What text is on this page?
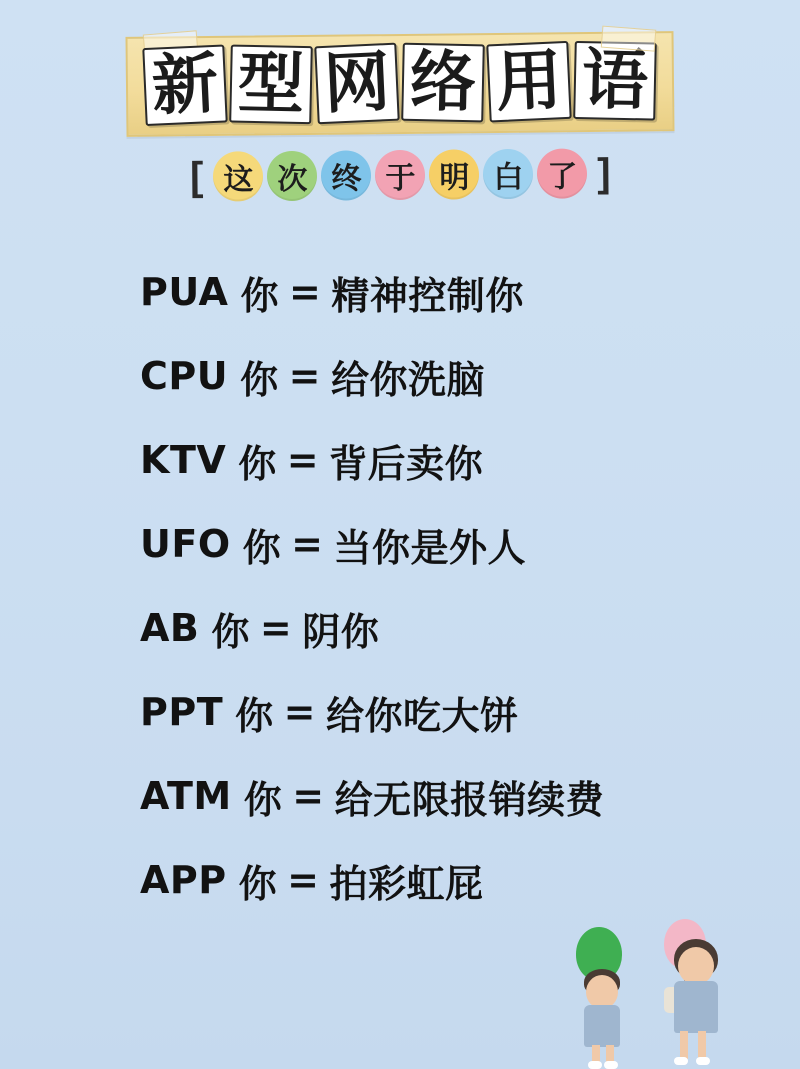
新 型 网 络 用 语
[ 这 次 终 于 明 白 了 ]
PUA 你 = 精神控制你
CPU 你 = 给你洗脑
KTV 你 = 背后卖你
UFO 你 = 当你是外人
AB 你 = 阴你
PPT 你 = 给你吃大饼
ATM 你 = 给无限报销续费
APP 你 = 拍彩虹屁
